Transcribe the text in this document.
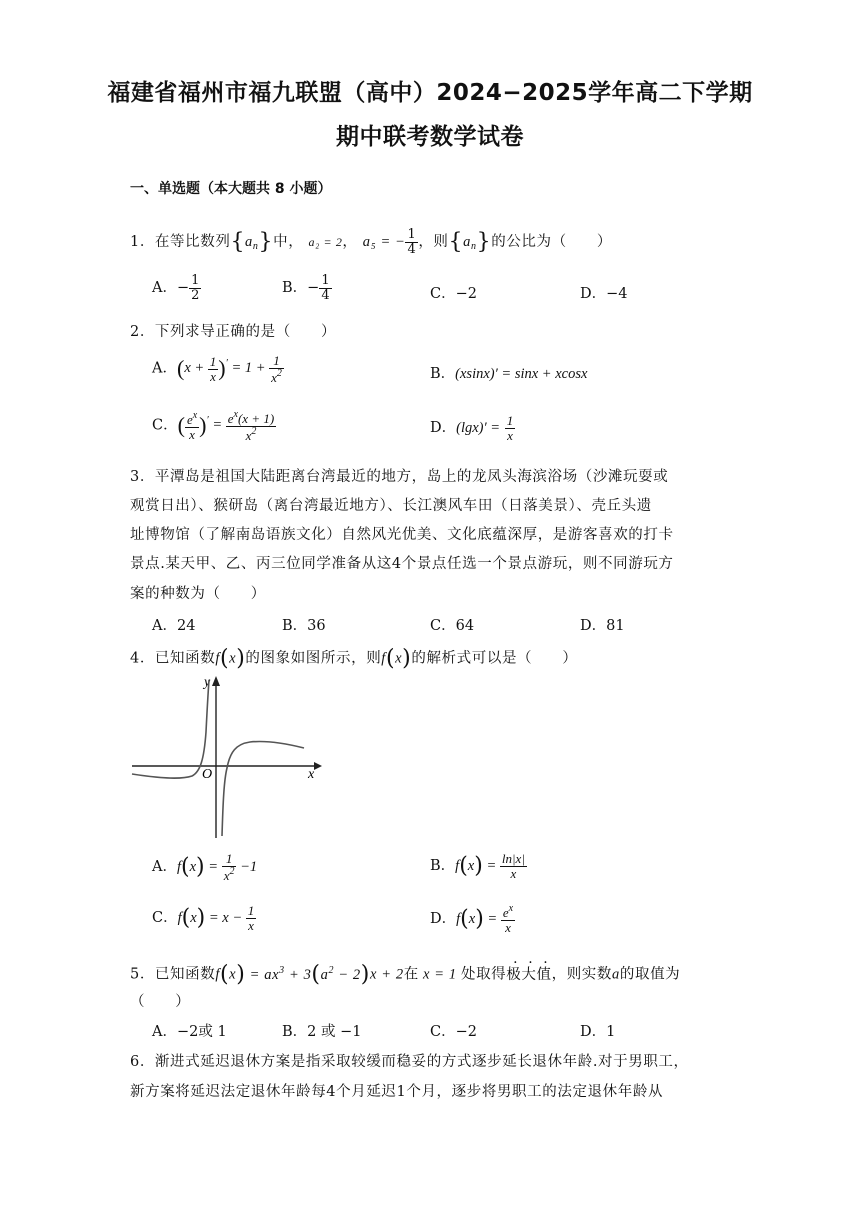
福建省福州市福九联盟（高中）2024−2025学年高二下学期
期中联考数学试卷
一、单选题（本大题共 8 小题）
1．在等比数列$\{a_n\}$中， a₂ = 2， a₅ = − $\frac{1}{4}$ ，则$\{a_n\}$的公比为（　　）
A．− $\frac{1}{2}$	B．− $\frac{1}{4}$	C．−2	D．−4
2．下列求导正确的是（　　）
A．$(x + \frac{1}{x} )' = 1 + \frac{1}{x^2}$	B．(xsinx)′ = sinx + xcosx
C．( $\frac{e^x}{x} )' = \frac{e^x(x + 1)}{x^2}$	D．$(\lg x)' = \frac{1}{x}$
3．平潭岛是祖国大陆距离台湾最近的地方，岛上的龙凤头海滨浴场（沙滩玩耍或
观赏日出）、猴研岛（离台湾最近地方）、长江澳风车田（日落美景）、壳丘头遗
址博物馆（了解南岛语族文化）自然风光优美、文化底蕴深厚，是游客喜欢的打卡
景点.某天甲、乙、丙三位同学准备从这4个景点任选一个景点游玩，则不同游玩方
案的种数为（　　）
A．24	B．36	C．64	D．81
4．已知函数f(x)的图象如图所示，则f(x)的解析式可以是（　　）
y
x
O
A．$f(x) = \frac{1}{x^2} -1$	B．$f(x) = \frac{\ln|x|}{x}$
C．$f(x) = x - \frac{1}{x}$	D．$f(x) = \frac{e^x}{x}$
5．已知函数$f(x) = ax^3 + 3(a^2 - 2)x + 2$在 x = 1 处取得极大值，则实数a的取值为
（　　）
A．−2或 1	B．2 或 −1	C．−2	D．1
6．渐进式延迟退休方案是指采取较缓而稳妥的方式逐步延长退休年龄.对于男职工，
新方案将延迟法定退休年龄每4个月延迟1个月，逐步将男职工的法定退休年龄从
